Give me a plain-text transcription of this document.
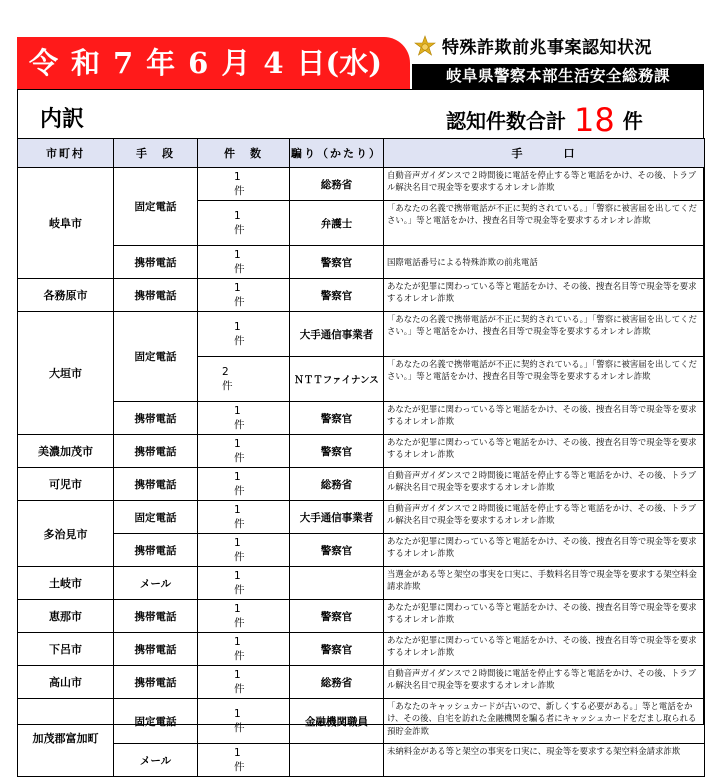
令 和 7 年 6 月 4 日(水)	特殊詐欺前兆事案認知状況
岐阜県警察本部生活安全総務課
内訳	認知件数合計 18 件
市町村	手　段	件　数	騙り（かたり）	手　　　口
岐阜市	固定電話	1件	総務省	自動音声ガイダンスで２時間後に電話を停止する等と電話をかけ、その後、トラブル解決名目で現金等を要求するオレオレ詐欺
		1件	弁護士	「あなたの名義で携帯電話が不正に契約されている。」「警察に被害届を出してください。」等と電話をかけ、捜査名目等で現金等を要求するオレオレ詐欺
	携帯電話	1件	警察官	国際電話番号による特殊詐欺の前兆電話
各務原市	携帯電話	1件	警察官	あなたが犯罪に関わっている等と電話をかけ、その後、捜査名目等で現金等を要求するオレオレ詐欺
大垣市	固定電話	1件	大手通信事業者	「あなたの名義で携帯電話が不正に契約されている。」「警察に被害届を出してください。」等と電話をかけ、捜査名目等で現金等を要求するオレオレ詐欺
		2件	ＮＴＴファイナンス	「あなたの名義で携帯電話が不正に契約されている。」「警察に被害届を出してください。」等と電話をかけ、捜査名目等で現金等を要求するオレオレ詐欺
	携帯電話	1件	警察官	あなたが犯罪に関わっている等と電話をかけ、その後、捜査名目等で現金等を要求するオレオレ詐欺
美濃加茂市	携帯電話	1件	警察官	あなたが犯罪に関わっている等と電話をかけ、その後、捜査名目等で現金等を要求するオレオレ詐欺
可児市	携帯電話	1件	総務省	自動音声ガイダンスで２時間後に電話を停止する等と電話をかけ、その後、トラブル解決名目で現金等を要求するオレオレ詐欺
多治見市	固定電話	1件	大手通信事業者	自動音声ガイダンスで２時間後に電話を停止する等と電話をかけ、その後、トラブル解決名目で現金等を要求するオレオレ詐欺
	携帯電話	1件	警察官	あなたが犯罪に関わっている等と電話をかけ、その後、捜査名目等で現金等を要求するオレオレ詐欺
土岐市	メール	1件		当選金がある等と架空の事実を口実に、手数料名目等で現金等を要求する架空料金請求詐欺
恵那市	携帯電話	1件	警察官	あなたが犯罪に関わっている等と電話をかけ、その後、捜査名目等で現金等を要求するオレオレ詐欺
下呂市	携帯電話	1件	警察官	あなたが犯罪に関わっている等と電話をかけ、その後、捜査名目等で現金等を要求するオレオレ詐欺
高山市	携帯電話	1件	総務省	自動音声ガイダンスで２時間後に電話を停止する等と電話をかけ、その後、トラブル解決名目で現金等を要求するオレオレ詐欺
加茂郡富加町	固定電話	1件	金融機関職員	「あなたのキャッシュカードが古いので、新しくする必要がある。」等と電話をかけ、その後、自宅を訪れた金融機関を騙る者にキャッシュカードをだまし取られる預貯金詐欺
	メール	1件		未納料金がある等と架空の事実を口実に、現金等を要求する架空料金請求詐欺
